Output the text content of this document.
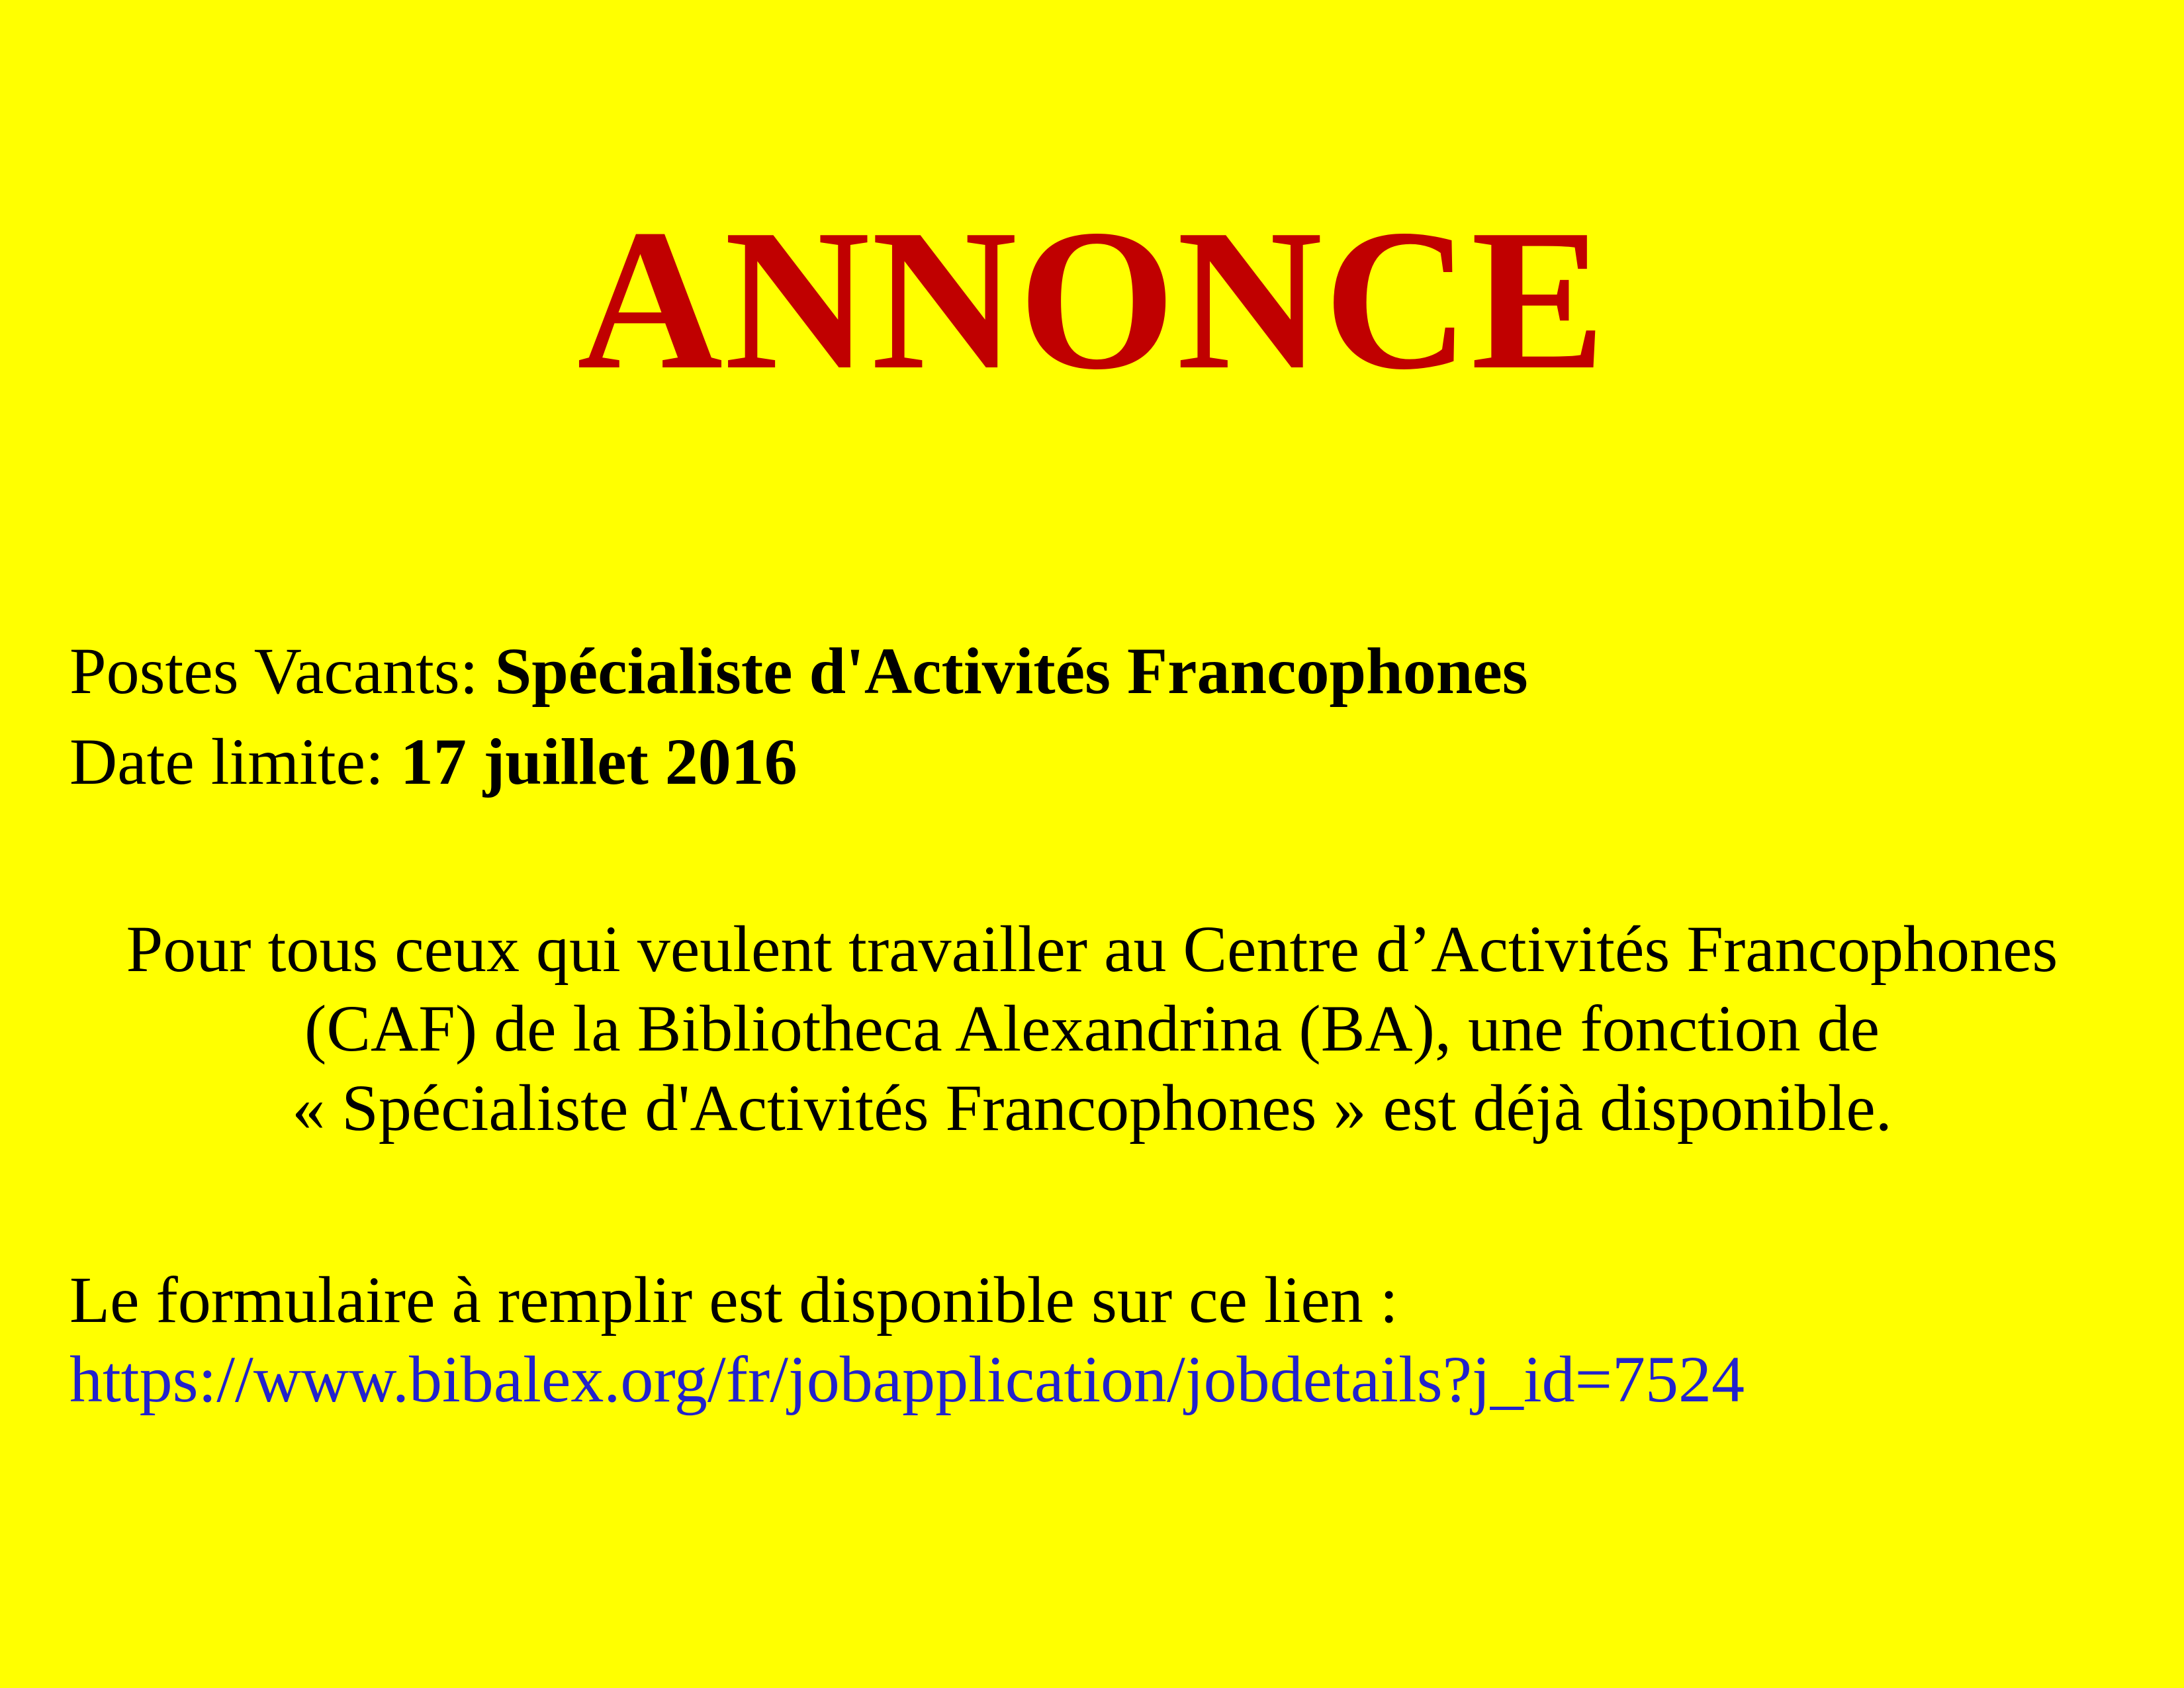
ANNONCE
Postes Vacants: Spécialiste d'Activités Francophones
Date limite: 17 juillet 2016
Pour tous ceux qui veulent travailler au Centre d’Activités Francophones
(CAF) de la Bibliotheca Alexandrina (BA), une fonction de
« Spécialiste d'Activités Francophones » est déjà disponible.
Le formulaire à remplir est disponible sur ce lien :
https://www.bibalex.org/fr/jobapplication/jobdetails?j_id=7524
